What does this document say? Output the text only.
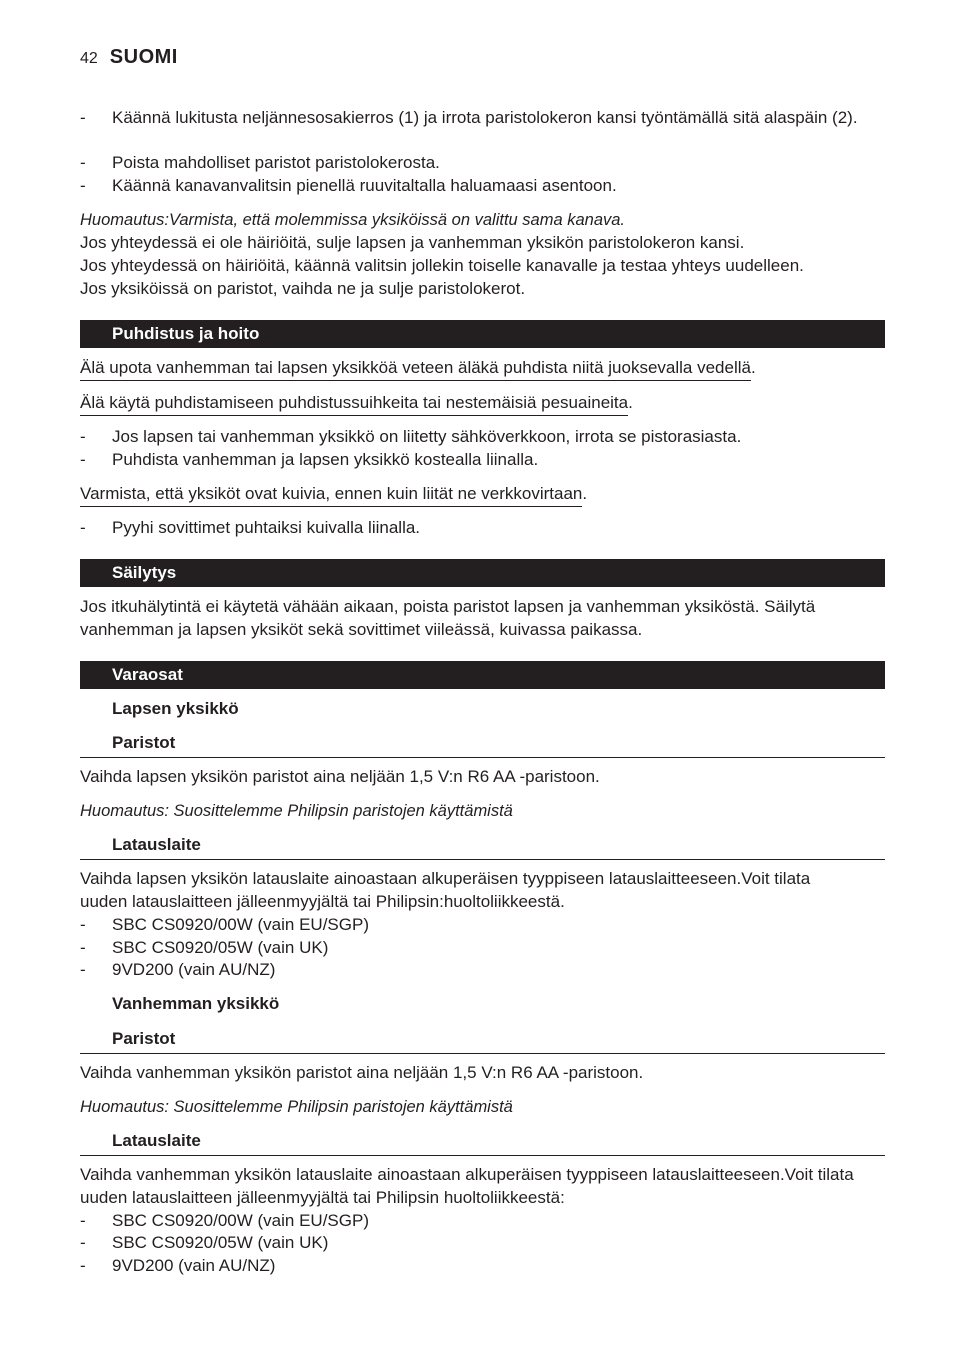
42 SUOMI
-	Käännä lukitusta neljännesosakierros (1) ja irrota paristolokeron kansi työntämällä sitä alaspäin (2).
-	Poista mahdolliset paristot paristolokerosta.
-	Käännä kanavanvalitsin pienellä ruuvitaltalla haluamaasi asentoon.
Huomautus:Varmista, että molemmissa yksiköissä on valittu sama kanava.
Jos yhteydessä ei ole häiriöitä, sulje lapsen ja vanhemman yksikön paristolokeron kansi.
Jos yhteydessä on häiriöitä, käännä valitsin jollekin toiselle kanavalle ja testaa yhteys uudelleen.
Jos yksiköissä on paristot, vaihda ne ja sulje paristolokerot.
Puhdistus ja hoito
Älä upota vanhemman tai lapsen yksikköä veteen äläkä puhdista niitä juoksevalla vedellä.
Älä käytä puhdistamiseen puhdistussuihkeita tai nestemäisiä pesuaineita.
-	Jos lapsen tai vanhemman yksikkö on liitetty sähköverkkoon, irrota se pistorasiasta.
-	Puhdista vanhemman ja lapsen yksikkö kostealla liinalla.
Varmista, että yksiköt ovat kuivia, ennen kuin liität ne verkkovirtaan.
-	Pyyhi sovittimet puhtaiksi kuivalla liinalla.
Säilytys
Jos itkuhälytintä ei käytetä vähään aikaan, poista paristot lapsen ja vanhemman yksiköstä. Säilytä vanhemman ja lapsen yksiköt sekä sovittimet viileässä, kuivassa paikassa.
Varaosat
Lapsen yksikkö
Paristot
Vaihda lapsen yksikön paristot aina neljään 1,5 V:n R6 AA -paristoon.
Huomautus: Suosittelemme Philipsin paristojen käyttämistä
Latauslaite
Vaihda lapsen yksikön latauslaite ainoastaan alkuperäisen tyyppiseen latauslaitteeseen.Voit tilata
uuden latauslaitteen jälleenmyyjältä tai Philipsin:huoltoliikkeestä.
-	SBC CS0920/00W (vain EU/SGP)
-	SBC CS0920/05W (vain UK)
-	9VD200 (vain AU/NZ)
Vanhemman yksikkö
Paristot
Vaihda vanhemman yksikön paristot aina neljään 1,5 V:n R6 AA -paristoon.
Huomautus: Suosittelemme Philipsin paristojen käyttämistä
Latauslaite
Vaihda vanhemman yksikön latauslaite ainoastaan alkuperäisen tyyppiseen latauslaitteeseen.Voit tilata
uuden latauslaitteen jälleenmyyjältä tai Philipsin huoltoliikkeestä:
-	SBC CS0920/00W (vain EU/SGP)
-	SBC CS0920/05W (vain UK)
-	9VD200 (vain AU/NZ)
